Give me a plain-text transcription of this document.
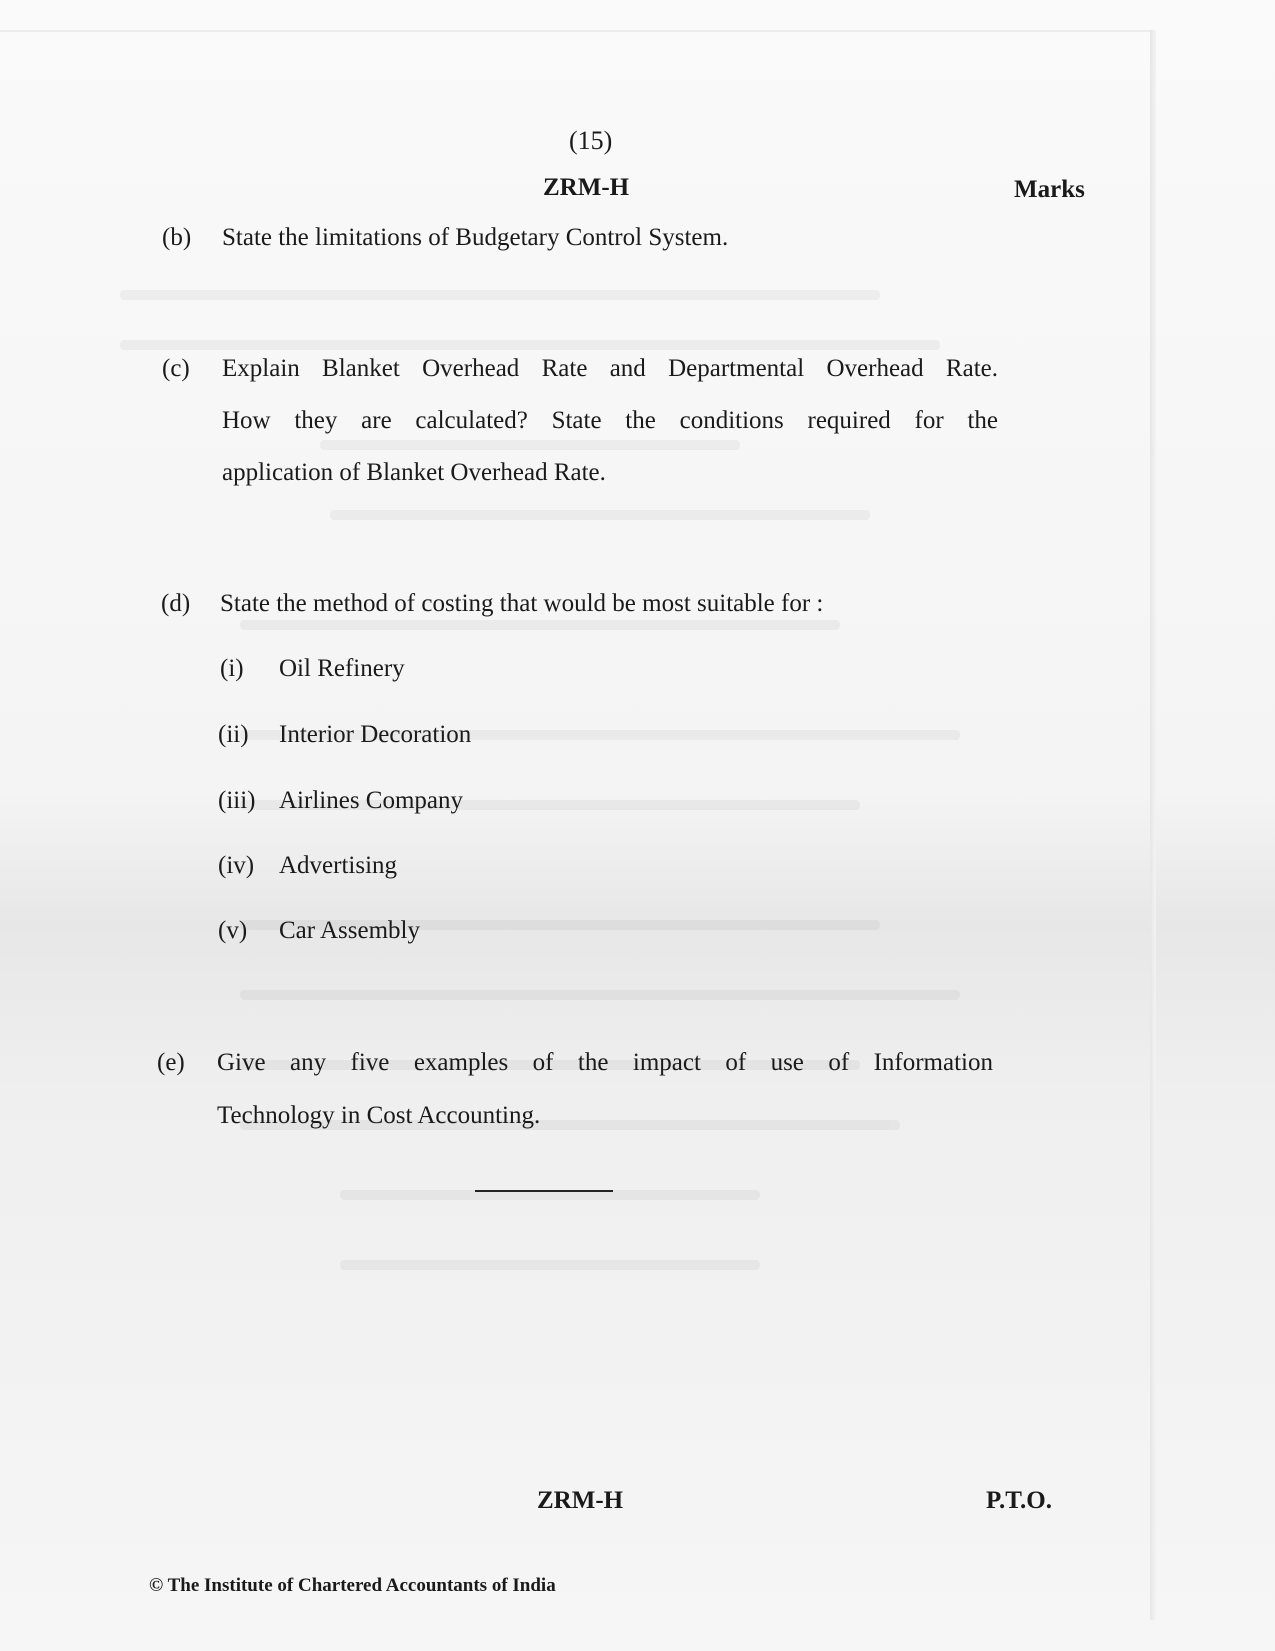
(15)
ZRM-H	Marks
(b) State the limitations of Budgetary Control System.
(c) Explain Blanket Overhead Rate and Departmental Overhead Rate.
How they are calculated? State the conditions required for the
application of Blanket Overhead Rate.
(d) State the method of costing that would be most suitable for :
(i) Oil Refinery
(ii) Interior Decoration
(iii) Airlines Company
(iv) Advertising
(v) Car Assembly
(e) Give any five examples of the impact of use of Information
Technology in Cost Accounting.
ZRM-H	P.T.O.
© The Institute of Chartered Accountants of India
